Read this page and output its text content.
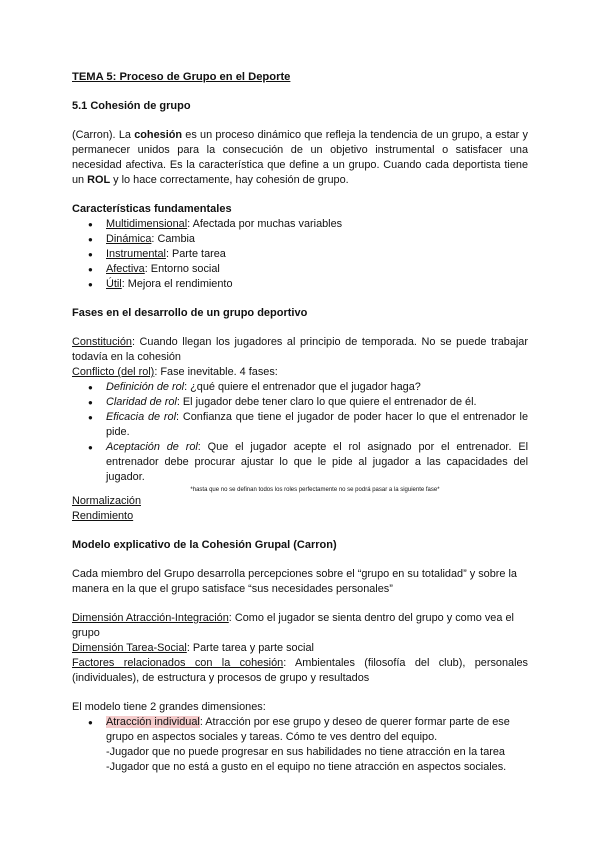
TEMA 5: Proceso de Grupo en el Deporte
5.1 Cohesión de grupo
(Carron). La cohesión es un proceso dinámico que refleja la tendencia de un grupo, a estar y permanecer unidos para la consecución de un objetivo instrumental o satisfacer una necesidad afectiva. Es la característica que define a un grupo. Cuando cada deportista tiene un ROL y lo hace correctamente, hay cohesión de grupo.
Características fundamentales
● Multidimensional: Afectada por muchas variables
● Dinámica: Cambia
● Instrumental: Parte tarea
● Afectiva: Entorno social
● Útil: Mejora el rendimiento
Fases en el desarrollo de un grupo deportivo
Constitución: Cuando llegan los jugadores al principio de temporada. No se puede trabajar todavía en la cohesión
Conflicto (del rol): Fase inevitable. 4 fases:
● Definición de rol: ¿qué quiere el entrenador que el jugador haga?
● Claridad de rol: El jugador debe tener claro lo que quiere el entrenador de él.
● Eficacia de rol: Confianza que tiene el jugador de poder hacer lo que el entrenador le pide.
● Aceptación de rol: Que el jugador acepte el rol asignado por el entrenador. El entrenador debe procurar ajustar lo que le pide al jugador a las capacidades del jugador.
*hasta que no se definan todos los roles perfectamente no se podrá pasar a la siguiente fase*
Normalización
Rendimiento
Modelo explicativo de la Cohesión Grupal (Carron)
Cada miembro del Grupo desarrolla percepciones sobre el “grupo en su totalidad” y sobre la manera en la que el grupo satisface “sus necesidades personales”
Dimensión Atracción-Integración: Como el jugador se sienta dentro del grupo y como vea el grupo
Dimensión Tarea-Social: Parte tarea y parte social
Factores relacionados con la cohesión: Ambientales (filosofía del club), personales (individuales), de estructura y procesos de grupo y resultados
El modelo tiene 2 grandes dimensiones:
● Atracción individual: Atracción por ese grupo y deseo de querer formar parte de ese grupo en aspectos sociales y tareas. Cómo te ves dentro del equipo.
-Jugador que no puede progresar en sus habilidades no tiene atracción en la tarea
-Jugador que no está a gusto en el equipo no tiene atracción en aspectos sociales.
